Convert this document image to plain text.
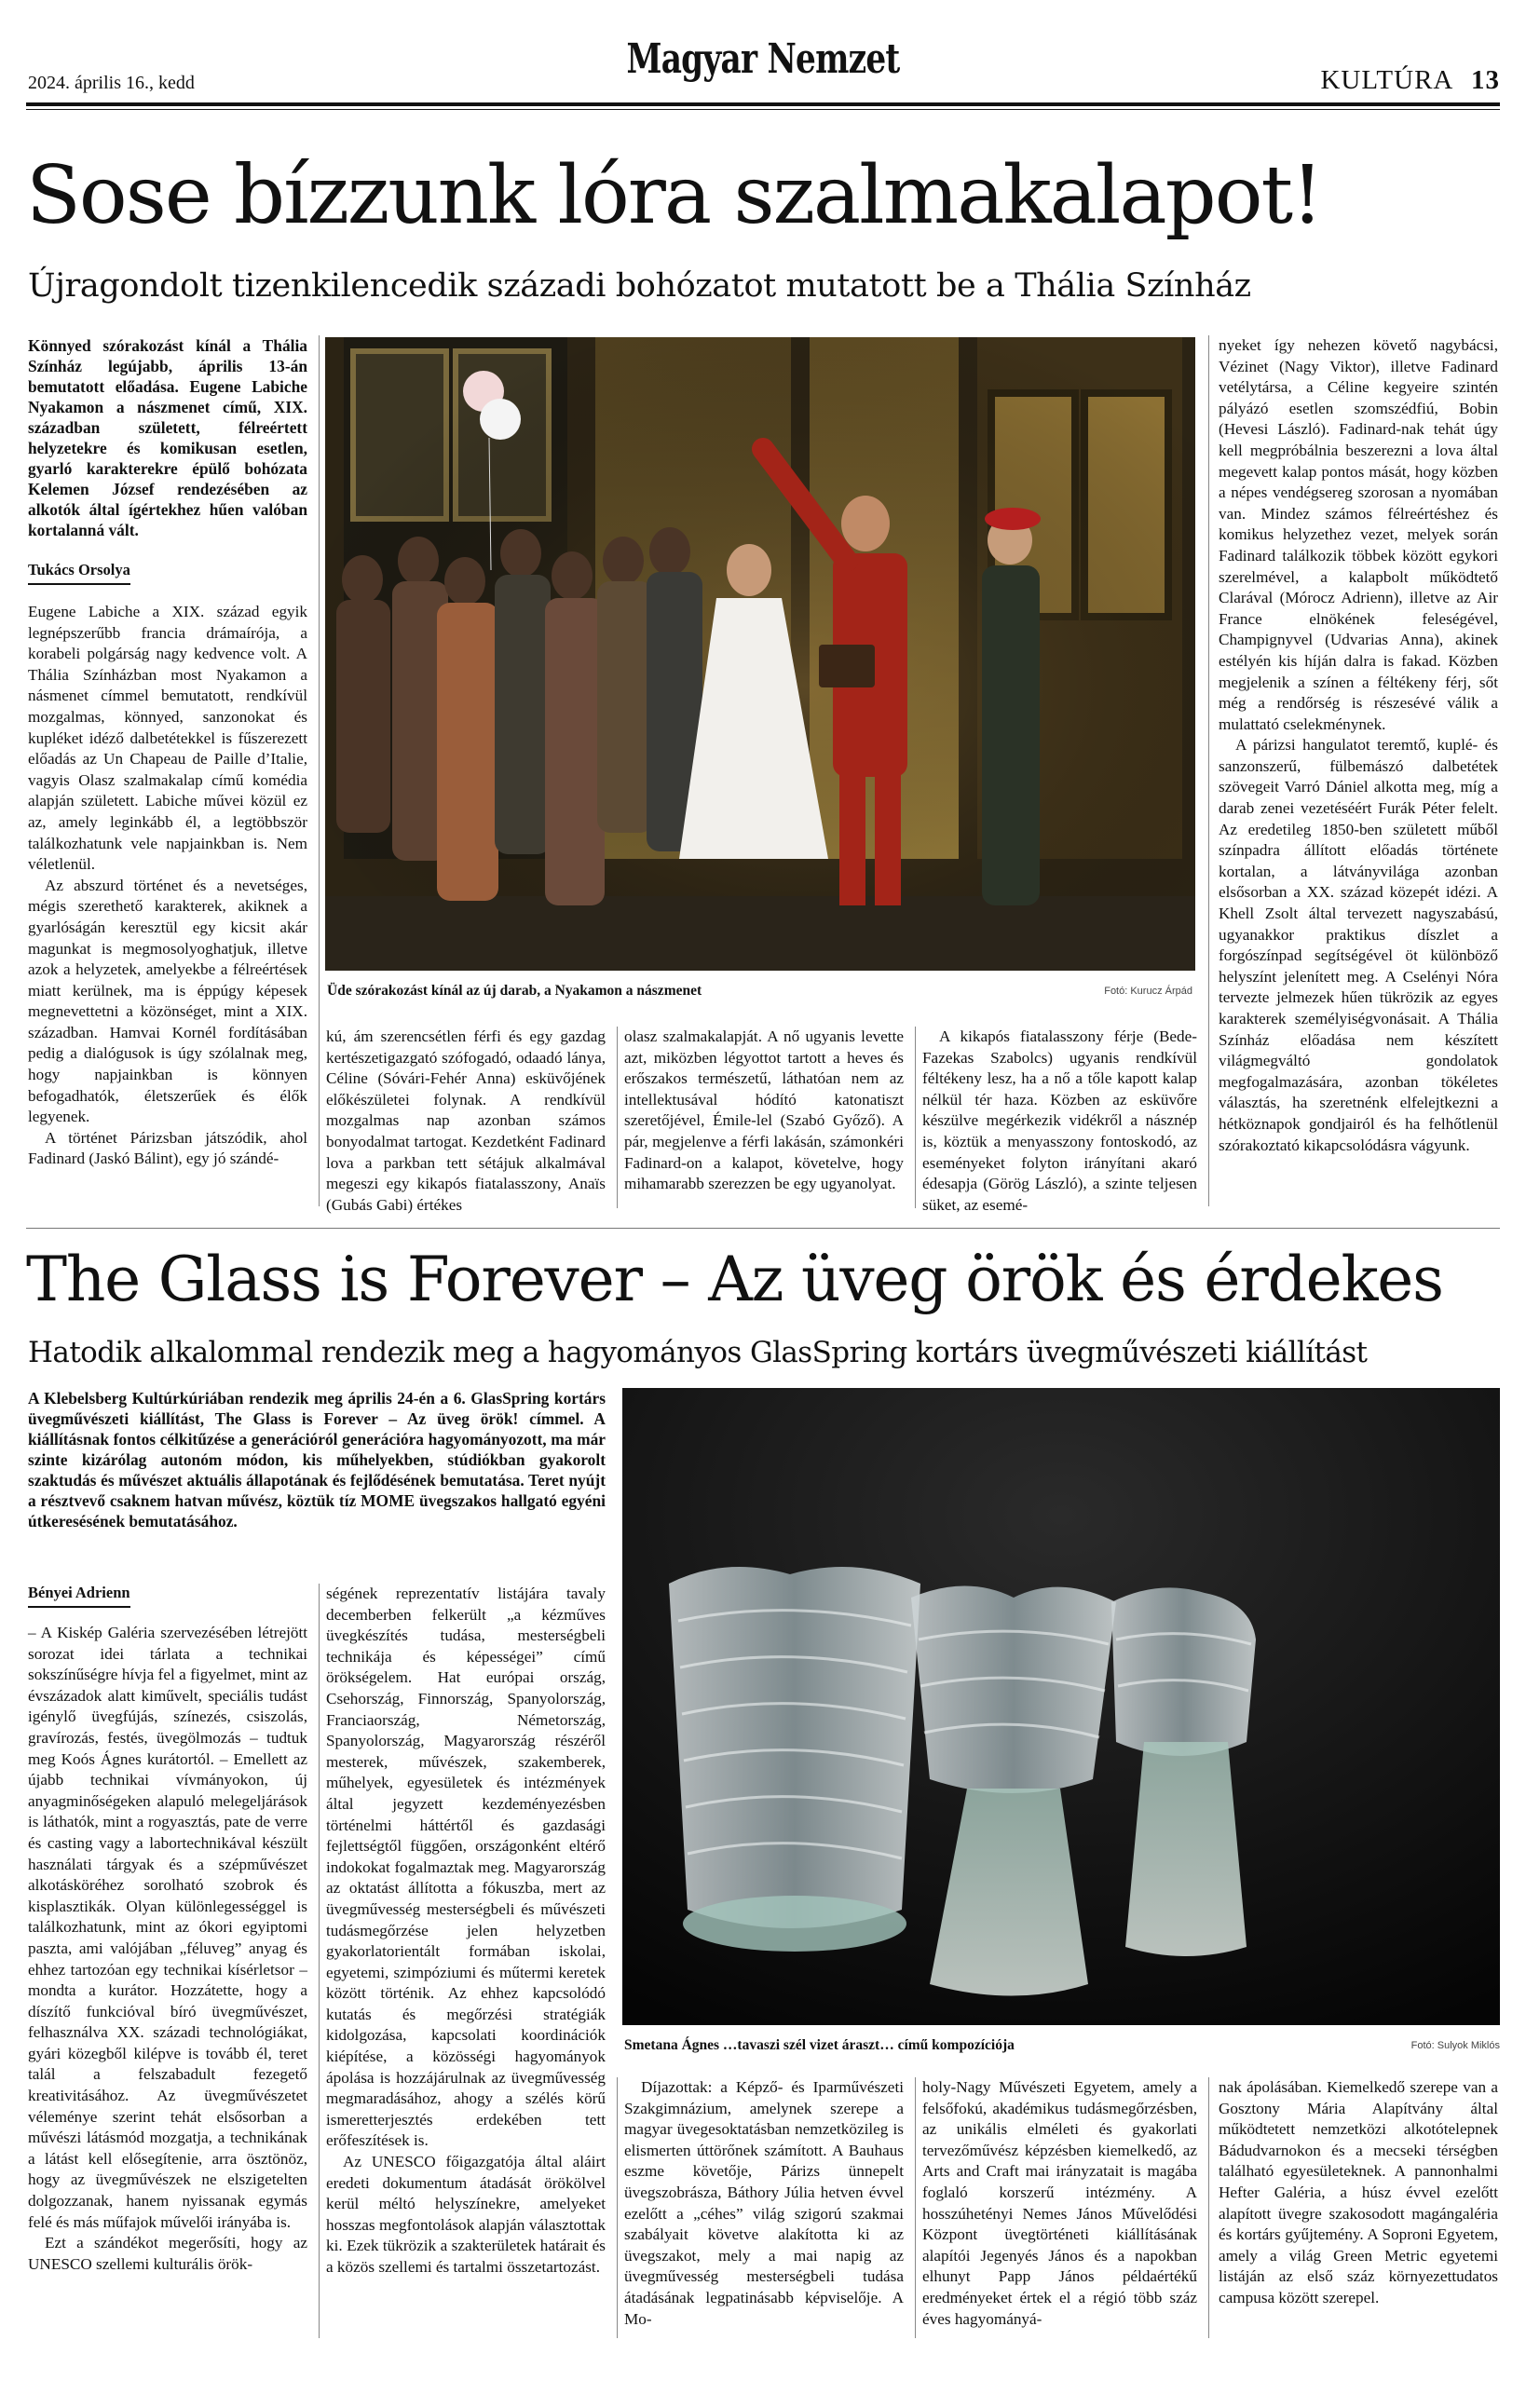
2024. április 16., kedd	Magyar Nemzet	KULTÚRA 13
Sose bízzunk lóra szalmakalapot!
Újragondolt tizenkilencedik századi bohózatot mutatott be a Thália Színház

Könnyed szórakozást kínál a Thália Színház legújabb, április 13-án bemutatott előadása. Eugene Labiche Nyakamon a nászmenet című, XIX. században született, félreértett helyzetekre és komikusan esetlen, gyarló karakterekre épülő bohózata Kelemen József rendezésében az alkotók által ígértekhez hűen valóban kortalanná vált.

Tukács Orsolya

Eugene Labiche a XIX. század egyik legnépszerűbb francia drámaírója, a korabeli polgárság nagy kedvence volt. A Thália Színházban most Nyakamon a násmenet címmel bemutatott, rendkívül mozgalmas, könnyed, sanzonokat és kupléket idéző dalbetétekkel is fűszerezett előadás az Un Chapeau de Paille d’Italie, vagyis Olasz szalmakalap című komédia alapján született. Labiche művei közül ez az, amely leginkább él, a legtöbbször találkozhatunk vele napjainkban is. Nem véletlenül.

Az abszurd történet és a nevetséges, mégis szerethető karakterek, akiknek a gyarlóságán keresztül egy kicsit akár magunkat is megmosolyoghatjuk, illetve azok a helyzetek, amelyekbe a félreértések miatt kerülnek, ma is éppúgy képesek megnevettetni a közönséget, mint a XIX. században. Hamvai Kornél fordításában pedig a dialógusok is úgy szólalnak meg, hogy napjainkban is könnyen befogadhatók, életszerűek és élők legyenek.

A történet Párizsban játszódik, ahol Fadinard (Jaskó Bálint), egy jó szándé-

Üde szórakozást kínál az új darab, a Nyakamon a nászmenet	Fotó: Kurucz Árpád
kú, ám szerencsétlen férfi és egy gazdag kertészetigazgató szófogadó, odaadó lánya, Céline (Sóvári-Fehér Anna) esküvőjének előkészületei folynak. A rendkívül mozgalmas nap azonban számos bonyodalmat tartogat. Kezdetként Fadinard lova a parkban tett sétájuk alkalmával megeszi egy kikapós fiatalasszony, Anaïs (Gubás Gabi) értékes
olasz szalmakalapját. A nő ugyanis levette azt, miközben légyottot tartott a heves és erőszakos természetű, láthatóan nem az intellektusával hódító katonatiszt szeretőjével, Émile-lel (Szabó Győző). A pár, megjelenve a férfi lakásán, számonkéri Fadinard-on a kalapot, követelve, hogy mihamarabb szerezzen be egy ugyanolyat.

A kikapós fiatalasszony férje (Bede-Fazekas Szabolcs) ugyanis rendkívül féltékeny lesz, ha a nő a tőle kapott kalap nélkül tér haza. Közben az esküvőre készülve megérkezik vidékről a násznép is, köztük a menyasszony fontoskodó, az eseményeket folyton irányítani akaró édesapja (Görög László), a szinte teljesen süket, az esemé-

nyeket így nehezen követő nagybácsi, Vézinet (Nagy Viktor), illetve Fadinard vetélytársa, a Céline kegyeire szintén pályázó esetlen szomszédfiú, Bobin (Hevesi László). Fadinard-nak tehát úgy kell megpróbálnia beszerezni a lova által megevett kalap pontos mását, hogy közben a népes vendégsereg szorosan a nyomában van. Mindez számos félreértéshez és komikus helyzethez vezet, melyek során Fadinard találkozik többek között egykori szerelmével, a kalapbolt működtető Clarával (Mórocz Adrienn), illetve az Air France elnökének feleségével, Champignyvel (Udvarias Anna), akinek estélyén kis híján dalra is fakad. Közben megjelenik a színen a féltékeny férj, sőt még a rendőrség is részesévé válik a mulattató cselekménynek.

A párizsi hangulatot teremtő, kuplé- és sanzonszerű, fülbemászó dalbetétek szövegeit Varró Dániel alkotta meg, míg a darab zenei vezetéséért Furák Péter felelt. Az eredetileg 1850-ben született műből színpadra állított előadás története kortalan, a látványvilága azonban elsősorban a XX. század közepét idézi. A Khell Zsolt által tervezett nagyszabású, ugyanakkor praktikus díszlet a forgószínpad segítségével öt különböző helyszínt jelenített meg. A Cselényi Nóra tervezte jelmezek hűen tükrözik az egyes karakterek személyiségvonásait. A Thália Színház előadása nem készített világmegváltó gondolatok megfogalmazására, azonban tökéletes választás, ha szeretnénk elfelejtkezni a hétköznapok gondjairól és ha felhőtlenül szórakoztató kikapcsolódásra vágyunk.

The Glass is Forever – Az üveg örök és érdekes
Hatodik alkalommal rendezik meg a hagyományos GlasSpring kortárs üvegművészeti kiállítást

A Klebelsberg Kultúrkúriában rendezik meg április 24-én a 6. GlasSpring kortárs üvegművészeti kiállítást, The Glass is Forever – Az üveg örök! címmel. A kiállításnak fontos célkitűzése a generációról generációra hagyományozott, ma már szinte kizárólag autonóm módon, kis műhelyekben, stúdiókban gyakorolt szaktudás és művészet aktuális állapotának és fejlődésének bemutatása. Teret nyújt a résztvevő csaknem hatvan művész, köztük tíz MOME üvegszakos hallgató egyéni útkeresésének bemutatásához.

Bényei Adrienn

– A Kiskép Galéria szervezésében létrejött sorozat idei tárlata a technikai sokszínűségre hívja fel a figyelmet, mint az évszázadok alatt kiművelt, speciális tudást igénylő üvegfújás, színezés, csiszolás, gravírozás, festés, üvegölmozás – tudtuk meg Koós Ágnes kurátortól. – Emellett az újabb technikai vívmányokon, új anyagminőségeken alapuló melegeljárások is láthatók, mint a rogyasztás, pate de verre és casting vagy a labortechnikával készült használati tárgyak és a szépművészet alkotásköréhez sorolható szobrok és kisplasztikák. Olyan különlegességgel is találkozhatunk, mint az ókori egyiptomi paszta, ami valójában „féluveg” anyag és ehhez tartozóan egy technikai kísérletsor – mondta a kurátor. Hozzátette, hogy a díszítő funkcióval bíró üvegművészet, felhasználva XX. századi technológiákat, gyári közegből kilépve is tovább él, teret talál a felszabadult fezegető kreativitásához. Az üvegművészetet véleménye szerint tehát elsősorban a művészi látásmód mozgatja, a technikának a látást kell elősegítenie, arra ösztönöz, hogy az üvegművészek ne elszigetelten dolgozzanak, hanem nyissanak egymás felé és más műfajok művelői irányába is.

Ezt a szándékot megerősíti, hogy az UNESCO szellemi kulturális örök-

ségének reprezentatív listájára tavaly decemberben felkerült „a kézműves üvegkészítés tudása, mesterségbeli technikája és képességei” című örökségelem. Hat európai ország, Csehország, Finnország, Spanyolország, Franciaország, Németország, Spanyolország, Magyarország részéről mesterek, művészek, szakemberek, műhelyek, egyesületek és intézmények által jegyzett kezdeményezésben történelmi háttértől és gazdasági fejlettségtől függően, országonként eltérő indokokat fogalmaztak meg. Magyarország az oktatást állította a fókuszba, mert az üvegművesség mesterségbeli és művészeti tudásmegőrzése jelen helyzetben gyakorlatorientált formában iskolai, egyetemi, szimpóziumi és műtermi keretek között történik. Az ehhez kapcsolódó kutatás és megőrzési stratégiák kidolgozása, kapcsolati koordinációk kiépítése, a közösségi hagyományok ápolása is hozzájárulnak az üvegművesség megmaradásához, ahogy a szélés körű ismeretterjesztés erdekében tett erőfeszítések is.

Az UNESCO főigazgatója által aláirt eredeti dokumentum átadását örökölvel kerül méltó helyszínekre, amelyeket hosszas megfontolások alapján választottak ki. Ezek tükrözik a szakterületek határait és a közös szellemi és tartalmi összetartozást.

Smetana Ágnes …tavaszi szél vizet áraszt… című kompozíciója	Fotó: Sulyok Miklós

Díjazottak: a Képző- és Iparművészeti Szakgimnázium, amelynek szerepe a magyar üvegesoktatásban nemzetközileg is elismerten úttörőnek számított. A Bauhaus eszme követője, Párizs ünnepelt üvegszobrásza, Báthory Júlia hetven évvel ezelőtt a „céhes” világ szigorú szakmai szabályait követve alakította ki az üvegszakot, mely a mai napig az üvegművesség mesterségbeli tudása átadásának legpatinásabb képviselője. A Mo-

holy-Nagy Művészeti Egyetem, amely a felsőfokú, akadémikus tudásmegőrzésben, az unikális elméleti és gyakorlati tervezőművész képzésben kiemelkedő, az Arts and Craft mai irányzatait is magába foglaló korszerű intézmény. A hosszúhetényi Nemes János Művelődési Központ üvegtörténeti kiállításának alapítói Jegenyés János és a napokban elhunyt Papp János példaértékű eredményeket értek el a régió több száz éves hagyományá-
nak ápolásában. Kiemelkedő szerepe van a Gosztony Mária Alapítvány által működtetett nemzetközi alkotótelepnek Bádudvarnokon és a mecseki térségben található egyesületeknek. A pannonhalmi Hefter Galéria, a húsz évvel ezelőtt alapított üvegre szakosodott magángaléria és kortárs gyűjtemény. A Soproni Egyetem, amely a világ Green Metric egyetemi listáján az első száz környezettudatos campusa között szerepel.
